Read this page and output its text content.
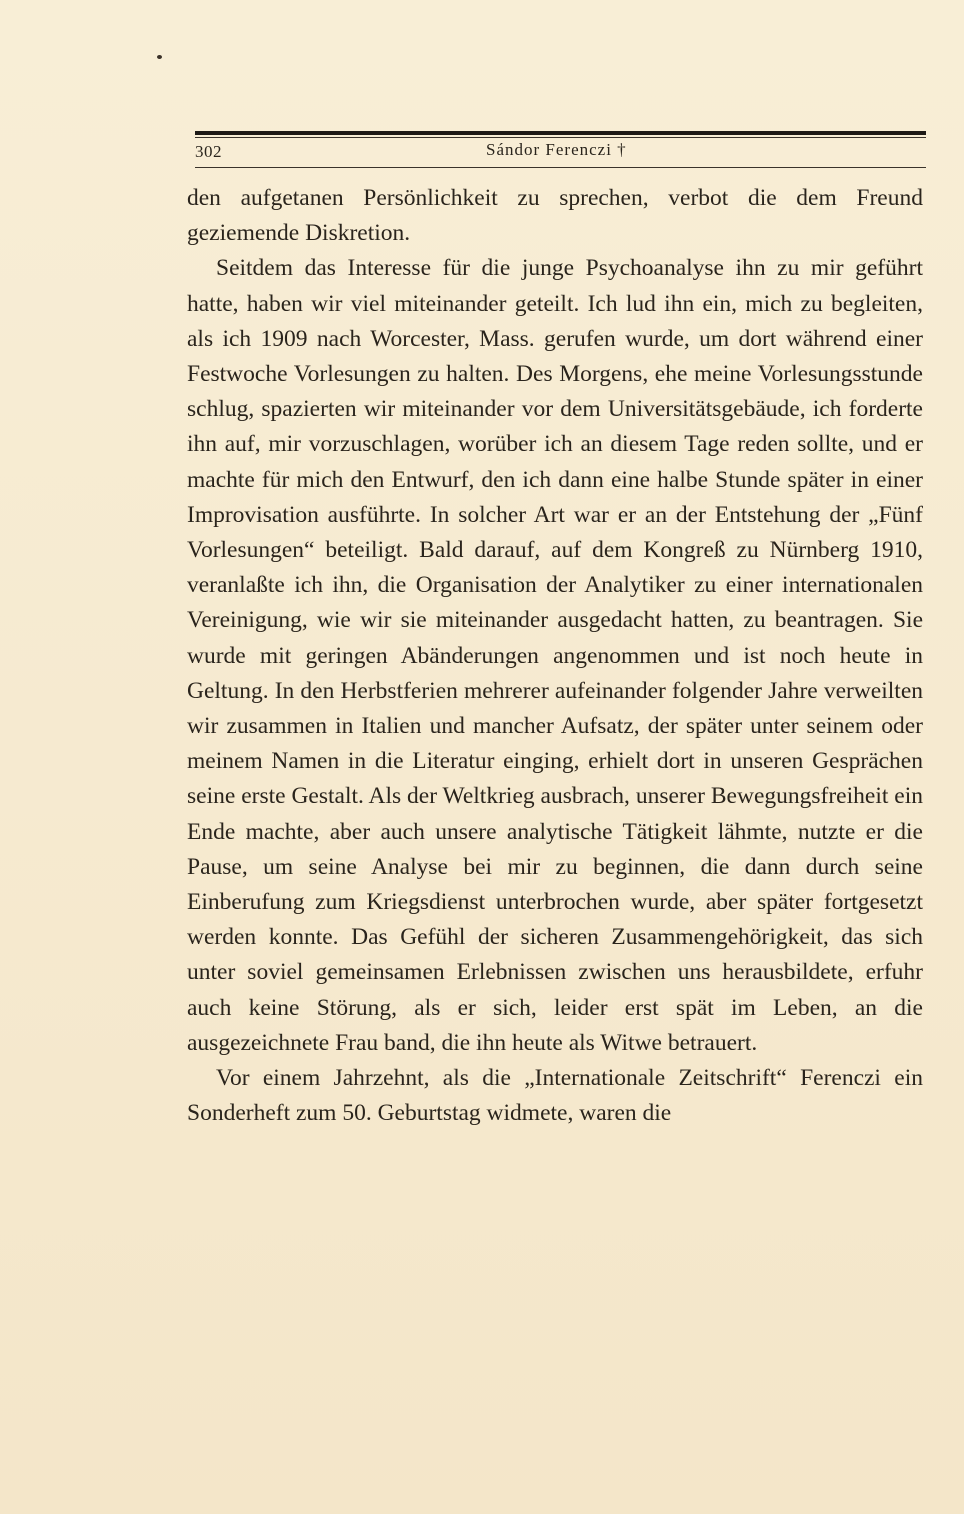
302	Sándor Ferenczi †

den aufgetanen Persönlichkeit zu sprechen, verbot die dem Freund geziemende Diskretion.

Seitdem das Interesse für die junge Psychoanalyse ihn zu mir geführt hatte, haben wir viel miteinander geteilt. Ich lud ihn ein, mich zu begleiten, als ich 1909 nach Worcester, Mass. gerufen wurde, um dort während einer Festwoche Vorlesungen zu halten. Des Morgens, ehe meine Vorlesungsstunde schlug, spazierten wir miteinander vor dem Universitätsgebäude, ich forderte ihn auf, mir vorzuschlagen, worüber ich an diesem Tage reden sollte, und er machte für mich den Entwurf, den ich dann eine halbe Stunde später in einer Improvisation ausführte. In solcher Art war er an der Entstehung der „Fünf Vorlesungen“ beteiligt. Bald darauf, auf dem Kongreß zu Nürnberg 1910, veranlaßte ich ihn, die Organisation der Analytiker zu einer internationalen Vereinigung, wie wir sie miteinander ausgedacht hatten, zu beantragen. Sie wurde mit geringen Abänderungen angenommen und ist noch heute in Geltung. In den Herbstferien mehrerer aufeinander folgender Jahre verweilten wir zusammen in Italien und mancher Aufsatz, der später unter seinem oder meinem Namen in die Literatur einging, erhielt dort in unseren Gesprächen seine erste Gestalt. Als der Weltkrieg ausbrach, unserer Bewegungsfreiheit ein Ende machte, aber auch unsere analytische Tätigkeit lähmte, nutzte er die Pause, um seine Analyse bei mir zu beginnen, die dann durch seine Einberufung zum Kriegsdienst unterbrochen wurde, aber später fortgesetzt werden konnte. Das Gefühl der sicheren Zusammengehörigkeit, das sich unter soviel gemeinsamen Erlebnissen zwischen uns herausbildete, erfuhr auch keine Störung, als er sich, leider erst spät im Leben, an die ausgezeichnete Frau band, die ihn heute als Witwe betrauert.

Vor einem Jahrzehnt, als die „Internationale Zeitschrift“ Ferenczi ein Sonderheft zum 50. Geburtstag widmete, waren die
